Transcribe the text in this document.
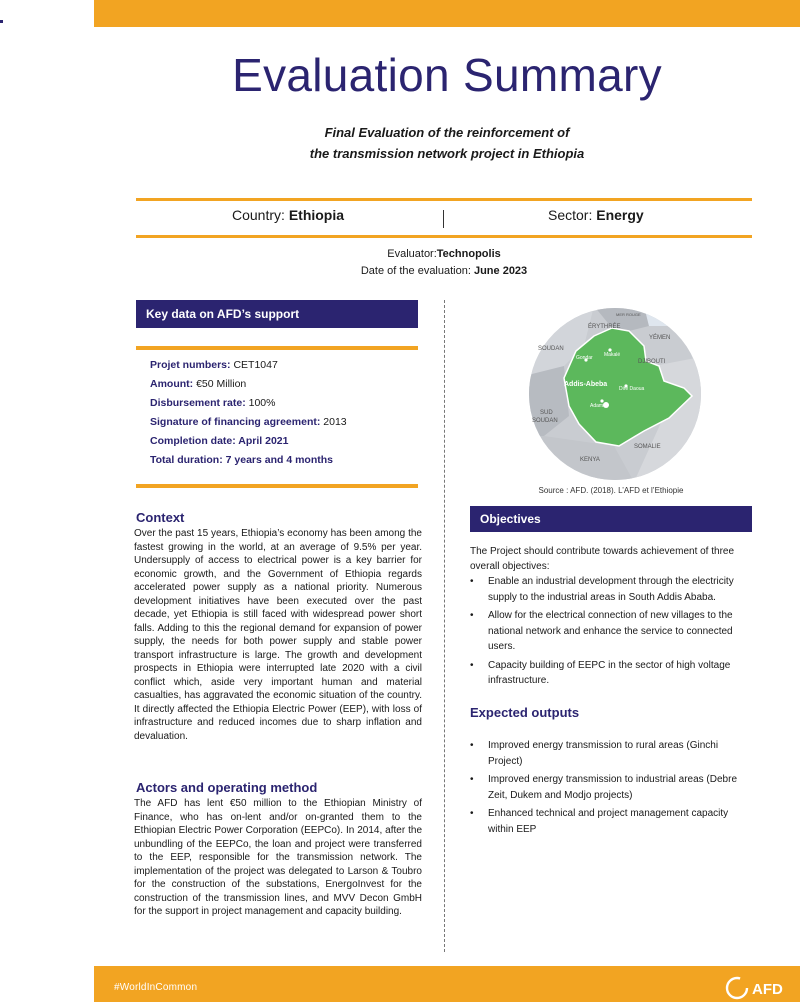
Evaluation Summary
Final Evaluation of the reinforcement of
the transmission network project in Ethiopia
Country: Ethiopia	Sector: Energy
Evaluator:Technopolis
Date of the evaluation: June 2023
Key data on AFD’s support
Projet numbers: CET1047
Amount: €50 Million
Disbursement rate: 100%
Signature of financing agreement: 2013
Completion date: April 2021
Total duration: 7 years and 4 months
Context
Over the past 15 years, Ethiopia’s economy has been among the fastest growing in the world, at an average of 9.5% per year. Undersupply of access to electrical power is a key barrier for economic growth, and the Government of Ethiopia regards accelerated power supply as a national priority. Numerous development initiatives have been executed over the past decade, yet Ethiopia is still faced with widespread power short falls. Adding to this the regional demand for expansion of power supply, the needs for both power supply and stable power transport infrastructure is large. The growth and development prospects in Ethiopia were interrupted late 2020 with a civil conflict which, aside very important human and material casualties, has aggravated the economic situation of the country. It directly affected the Ethiopia Electric Power (EEP), with loss of infrastructure and reduced incomes due to sharp inflation and devaluation.
Actors and operating method
The AFD has lent €50 million to the Ethiopian Ministry of Finance, who has on-lent and/or on-granted them to the Ethiopian Electric Power Corporation (EEPCo). In 2014, after the unbundling of the EEPCo, the loan and project were transferred to the EEP, responsible for the transmission network. The implementation of the project was delegated to Larson & Toubro for the construction of the substations, EnergoInvest for the construction of the transmission lines, and MVV Decon GmbH for the support in project management and capacity building.
ÉRYTHRÉE
MER ROUGE
YÉMEN
SOUDAN
DJIBOUTI
Gondar Makalé
Addis-Abeba
Diré Daoua
Adama
SUD
SOUDAN
SOMALIE
KENYA
Source : AFD. (2018). L’AFD et l’Ethiopie
Objectives
The Project should contribute towards achievement of three overall objectives:
• Enable an industrial development through the electricity supply to the industrial areas in South Addis Ababa.
• Allow for the electrical connection of new villages to the national network and enhance the service to connected users.
• Capacity building of EEPC in the sector of high voltage infrastructure.
Expected outputs
• Improved energy transmission to rural areas (Ginchi Project)
• Improved energy transmission to industrial areas (Debre Zeit, Dukem and Modjo projects)
• Enhanced technical and project management capacity within EEP
#WorldInCommon	AFD
